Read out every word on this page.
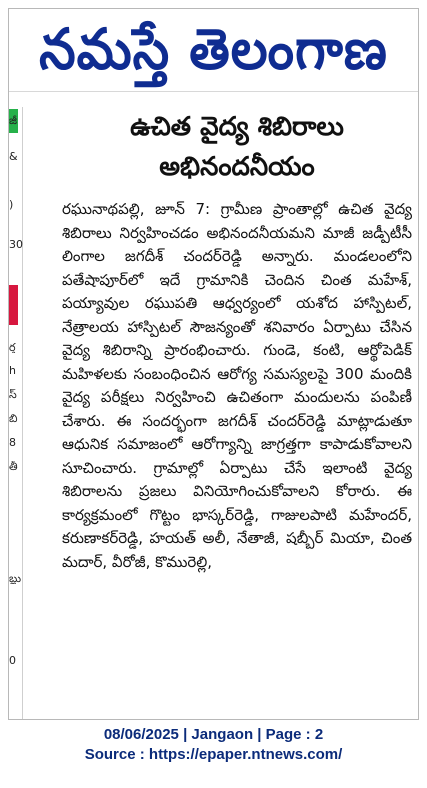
నమస్తే తెలంగాణ
జీ
&
)
30
ర్త
h
స్
బి
8
తీ
బ్లు
0
ఉచిత వైద్య శిబిరాలు
అభినందనీయం

రఘునాథపల్లి, జూన్ 7: గ్రామీణ ప్రాంతాల్లో ఉచిత వైద్య శిబిరాలు నిర్వహించడం అభినందనీయమని మాజీ జడ్పీటీసీ లింగాల జగదీశ్ చందర్‌రెడ్డి అన్నారు. మండలంలోని పతేషాపూర్‌లో ఇదే గ్రామానికి చెందిన చింత మహేశ్, పయ్యావుల రఘుపతి ఆధ్వర్యంలో యశోద హాస్పిటల్, నేత్రాలయ హాస్పిటల్ సౌజన్యంతో శనివారం ఏర్పాటు చేసిన వైద్య శిబిరాన్ని ప్రారంభించారు. గుండె, కంటి, ఆర్థోపెడిక్ మహిళలకు సంబంధించిన ఆరోగ్య సమస్యలపై 300 మందికి వైద్య పరీక్షలు నిర్వహించి ఉచితంగా మందులను పంపిణీ చేశారు. ఈ సందర్భంగా జగదీశ్ చందర్‌రెడ్డి మాట్లాడుతూ ఆధునిక సమాజంలో ఆరోగ్యాన్ని జాగ్రత్తగా కాపాడుకోవాలని సూచించారు. గ్రామాల్లో ఏర్పాటు చేసే ఇలాంటి వైద్య శిబిరాలను ప్రజలు వినియోగించుకోవాలని కోరారు. ఈ కార్యక్రమంలో గొట్టం భాస్కర్‌రెడ్డి, గాజులపాటి మహేందర్, కరుణాకర్‌రెడ్డి, హయత్ అలీ, నేతాజీ, షబ్బీర్ మియా, చింత మదార్, వీరోజీ, కొమురెల్లి,

08/06/2025 | Jangaon | Page : 2
Source : https://epaper.ntnews.com/
